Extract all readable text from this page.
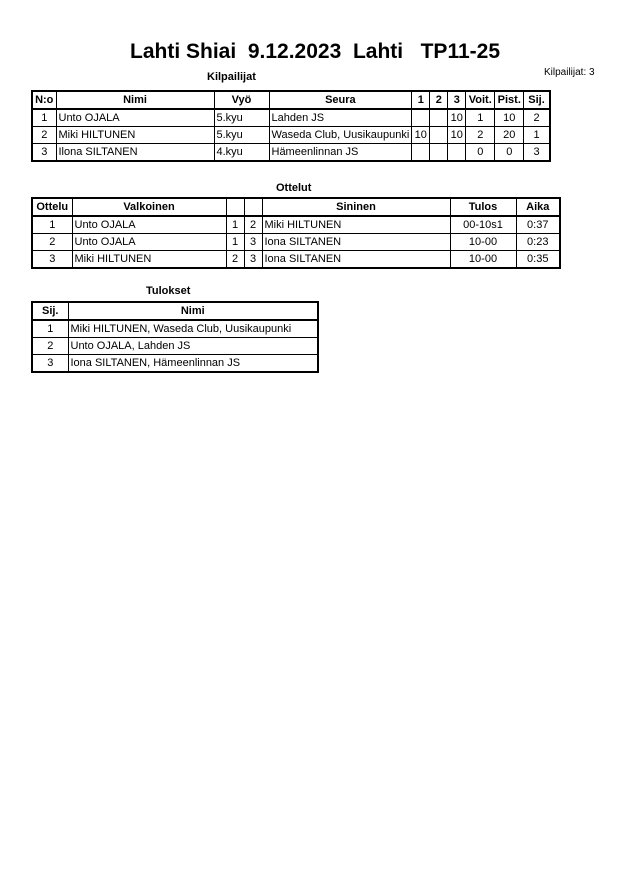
Lahti Shiai  9.12.2023  Lahti   TP11-25
Kilpailijat: 3
Kilpailijat
N:o	Nimi	Vyö	Seura	1	2	3	Voit.	Pist.	Sij.
1	Unto OJALA	5.kyu	Lahden JS			10	1	10	2
2	Miki HILTUNEN	5.kyu	Waseda Club, Uusikaupunki	10		10	2	20	1
3	Ilona SILTANEN	4.kyu	Hämeenlinnan JS				0	0	3
Ottelut
Ottelu	Valkoinen			Sininen	Tulos	Aika
1	Unto OJALA	1	2	Miki HILTUNEN	00-10s1	0:37
2	Unto OJALA	1	3	Iona SILTANEN	10-00	0:23
3	Miki HILTUNEN	2	3	Iona SILTANEN	10-00	0:35
Tulokset
Sij.	Nimi
1	Miki HILTUNEN, Waseda Club, Uusikaupunki
2	Unto OJALA, Lahden JS
3	Iona SILTANEN, Hämeenlinnan JS
